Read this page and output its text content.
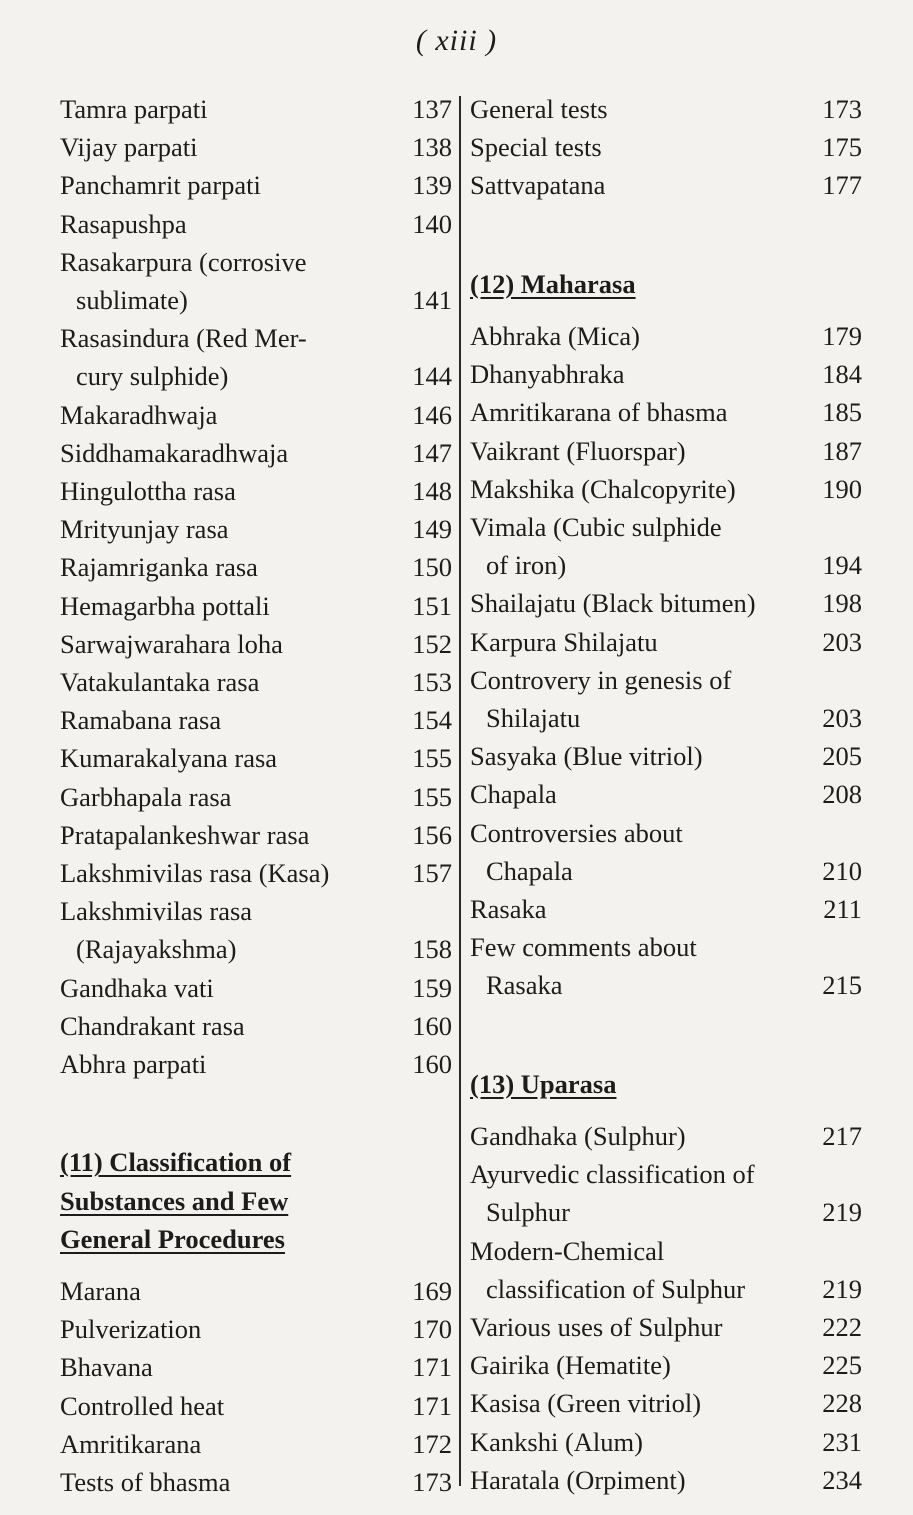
( xiii )
Tamra parpati	137
Vijay parpati	138
Panchamrit parpati	139
Rasapushpa	140
Rasakarpura (corrosive
sublimate)	141
Rasasindura (Red Mer-
cury sulphide)	144
Makaradhwaja	146
Siddhamakaradhwaja	147
Hingulottha rasa	148
Mrityunjay rasa	149
Rajamriganka rasa	150
Hemagarbha pottali	151
Sarwajwarahara loha	152
Vatakulantaka rasa	153
Ramabana rasa	154
Kumarakalyana rasa	155
Garbhapala rasa	155
Pratapalankeshwar rasa	156
Lakshmivilas rasa (Kasa)	157
Lakshmivilas rasa
(Rajayakshma)	158
Gandhaka vati	159
Chandrakant rasa	160
Abhra parpati	160
(11) Classification of
Substances and Few
General Procedures
Marana	169
Pulverization	170
Bhavana	171
Controlled heat	171
Amritikarana	172
Tests of bhasma	173
General tests	173
Special tests	175
Sattvapatana	177
(12) Maharasa
Abhraka (Mica)	179
Dhanyabhraka	184
Amritikarana of bhasma	185
Vaikrant (Fluorspar)	187
Makshika (Chalcopyrite)	190
Vimala (Cubic sulphide
of iron)	194
Shailajatu (Black bitumen)	198
Karpura Shilajatu	203
Controvery in genesis of
Shilajatu	203
Sasyaka (Blue vitriol)	205
Chapala	208
Controversies about
Chapala	210
Rasaka	211
Few comments about
Rasaka	215
(13) Uparasa
Gandhaka (Sulphur)	217
Ayurvedic classification of
Sulphur	219
Modern-Chemical
classification of Sulphur	219
Various uses of Sulphur	222
Gairika (Hematite)	225
Kasisa (Green vitriol)	228
Kankshi (Alum)	231
Haratala (Orpiment)	234
